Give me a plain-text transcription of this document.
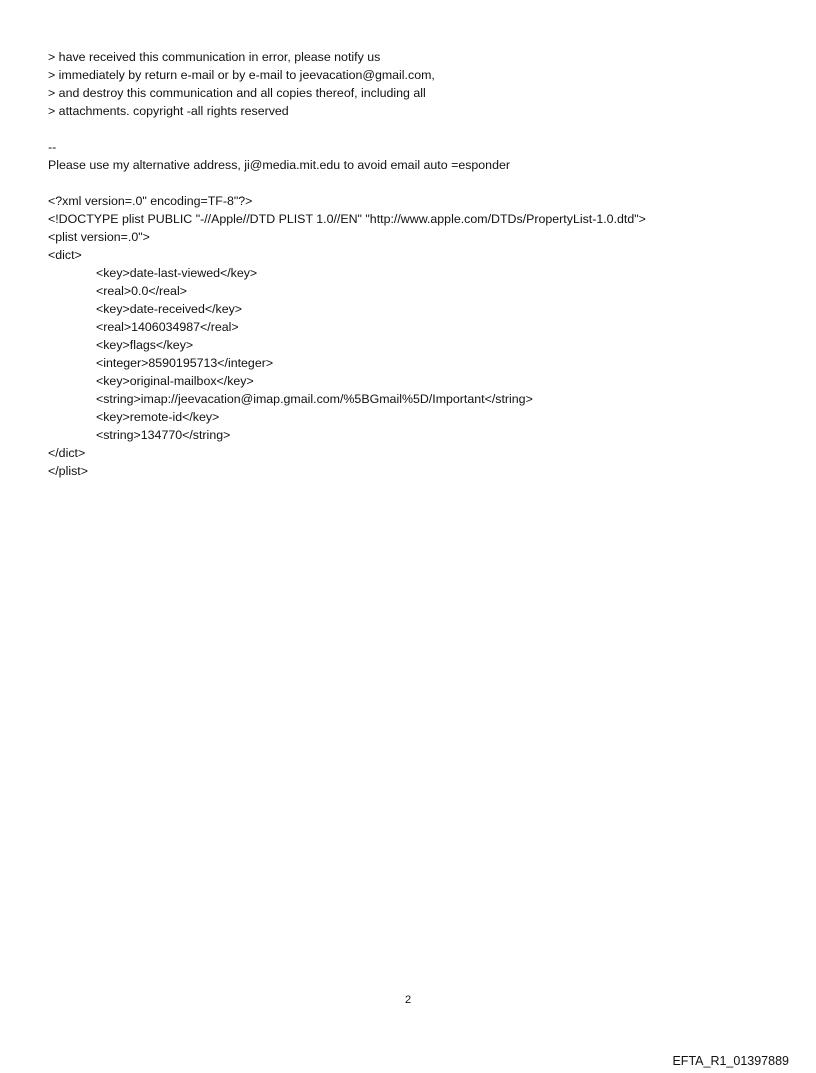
> have received this communication in error, please notify us
> immediately by return e-mail or by e-mail to jeevacation@gmail.com,
> and destroy this communication and all copies thereof, including all
> attachments. copyright -all rights reserved
--
Please use my alternative address, ji@media.mit.edu to avoid email auto =esponder
<?xml version=.0" encoding=TF-8"?>
<!DOCTYPE plist PUBLIC "-//Apple//DTD PLIST 1.0//EN" "http://www.apple.com/DTDs/PropertyList-1.0.dtd">
<plist version=.0">
<dict>
<key>date-last-viewed</key>
<real>0.0</real>
<key>date-received</key>
<real>1406034987</real>
<key>flags</key>
<integer>8590195713</integer>
<key>original-mailbox</key>
<string>imap://jeevacation@imap.gmail.com/%5BGmail%5D/Important</string>
<key>remote-id</key>
<string>134770</string>
</dict>
</plist>
2
EFTA_R1_01397889
